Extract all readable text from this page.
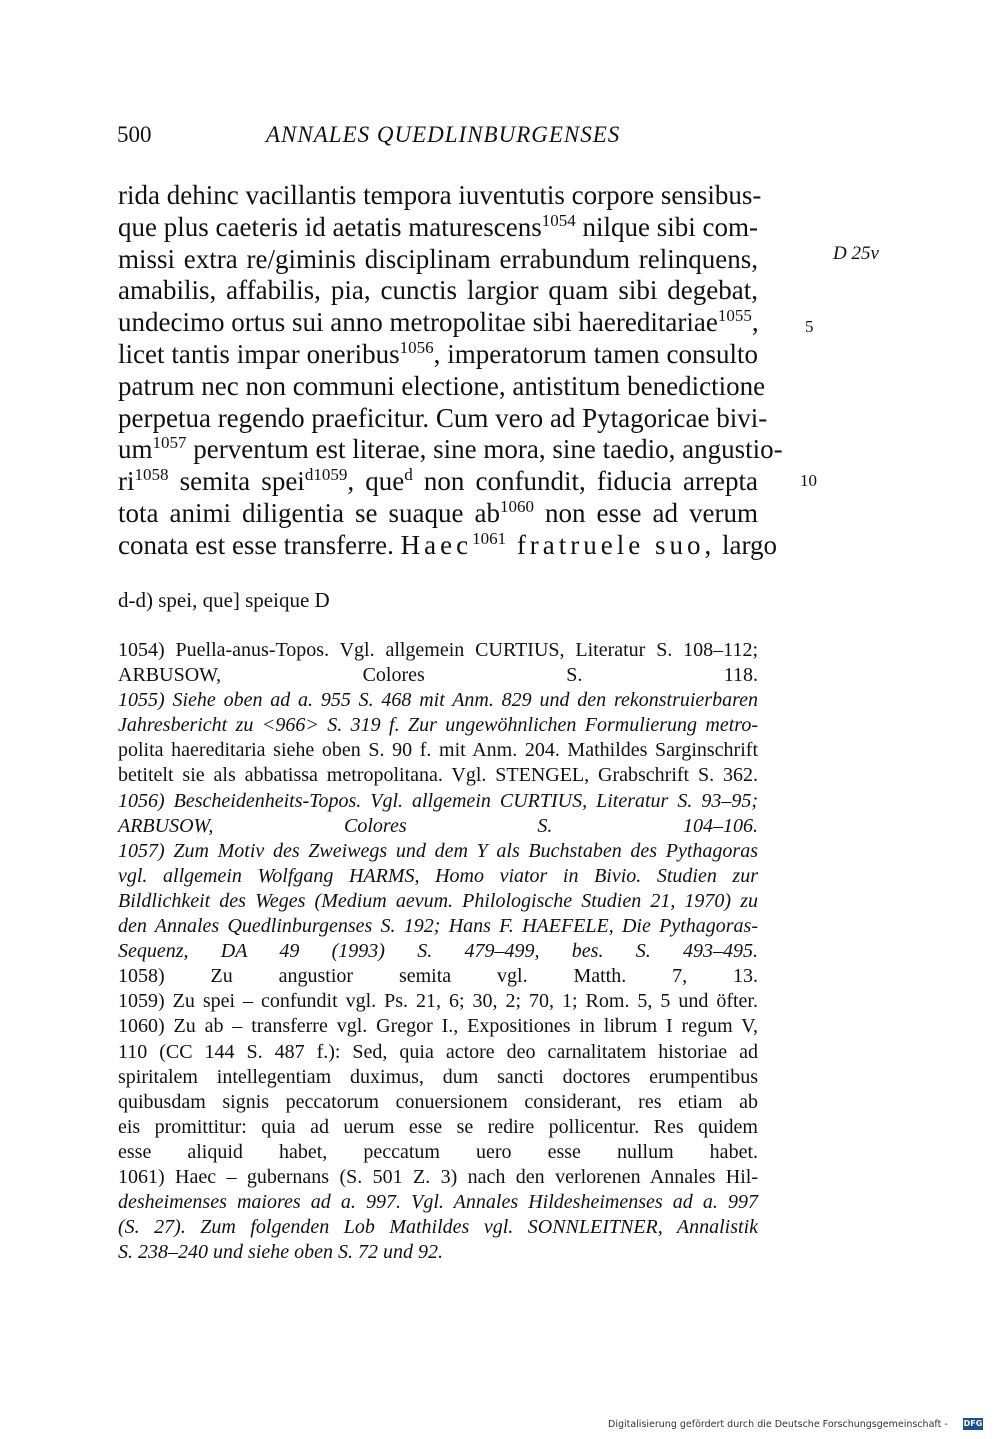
500	ANNALES QUEDLINBURGENSES
rida dehinc vacillantis tempora iuventutis corpore sensibus-
que plus caeteris id aetatis maturescens$^{1054}$ nilque sibi com-
missi extra re/giminis disciplinam errabundum relinquens,
amabilis, affabilis, pia, cunctis largior quam sibi degebat,
undecimo ortus sui anno metropolitae sibi haereditariae$^{1055}$,
licet tantis impar oneribus$^{1056}$, imperatorum tamen consulto
patrum nec non communi electione, antistitum benedictione
perpetua regendo praeficitur. Cum vero ad Pytagoricae bivi-
$um^{1057}$ perventum est literae, sine mora, sine taedio, angustio-
$ri^{1058}$ semita spei$^{d1059}$, que$^d$ non confundit, fiducia arrepta
tota animi diligentia se suaque $ab^{1060}$ non esse ad verum
conata est esse transferre. Haec$^{1061}$ fratruele suo, largo
D 25v
5
10
d-d) spei, que] speique D
1054) Puella-anus-Topos. Vgl. allgemein CURTIUS, Literatur S. 108–112;
ARBUSOW, Colores S. 118.
1055) Siehe oben ad a. 955 S. 468 mit Anm. 829 und den rekonstruierbaren
Jahresbericht zu <966> S. 319 f. Zur ungewöhnlichen Formulierung metro-
polita haereditaria siehe oben S. 90 f. mit Anm. 204. Mathildes Sarginschrift
betitelt sie als abbatissa metropolitana. Vgl. STENGEL, Grabschrift S. 362.
1056) Bescheidenheits-Topos. Vgl. allgemein CURTIUS, Literatur S. 93–95;
ARBUSOW, Colores S. 104–106.
1057) Zum Motiv des Zweiwegs und dem Y als Buchstaben des Pythagoras
vgl. allgemein Wolfgang HARMS, Homo viator in Bivio. Studien zur
Bildlichkeit des Weges (Medium aevum. Philologische Studien 21, 1970) zu
den Annales Quedlinburgenses S. 192; Hans F. HAEFELE, Die Pythagoras-
Sequenz, DA 49 (1993) S. 479–499, bes. S. 493–495.
1058) Zu angustior semita vgl. Matth. 7, 13.
1059) Zu spei – confundit vgl. Ps. 21, 6; 30, 2; 70, 1; Rom. 5, 5 und öfter.
1060) Zu ab – transferre vgl. Gregor I., Expositiones in librum I regum V,
110 (CC 144 S. 487 f.): Sed, quia actore deo carnalitatem historiae ad
spiritalem intellegentiam duximus, dum sancti doctores erumpentibus
quibusdam signis peccatorum conuersionem considerant, res etiam ab
eis promittitur: quia ad uerum esse se redire pollicentur. Res quidem
esse aliquid habet, peccatum uero esse nullum habet.
1061) Haec – gubernans (S. 501 Z. 3) nach den verlorenen Annales Hil-
desheimenses maiores ad a. 997. Vgl. Annales Hildesheimenses ad a. 997
(S. 27). Zum folgenden Lob Mathildes vgl. SONNLEITNER, Annalistik
S. 238–240 und siehe oben S. 72 und 92.
Digitalisierung gefördert durch die Deutsche Forschungsgemeinschaft - DFG
